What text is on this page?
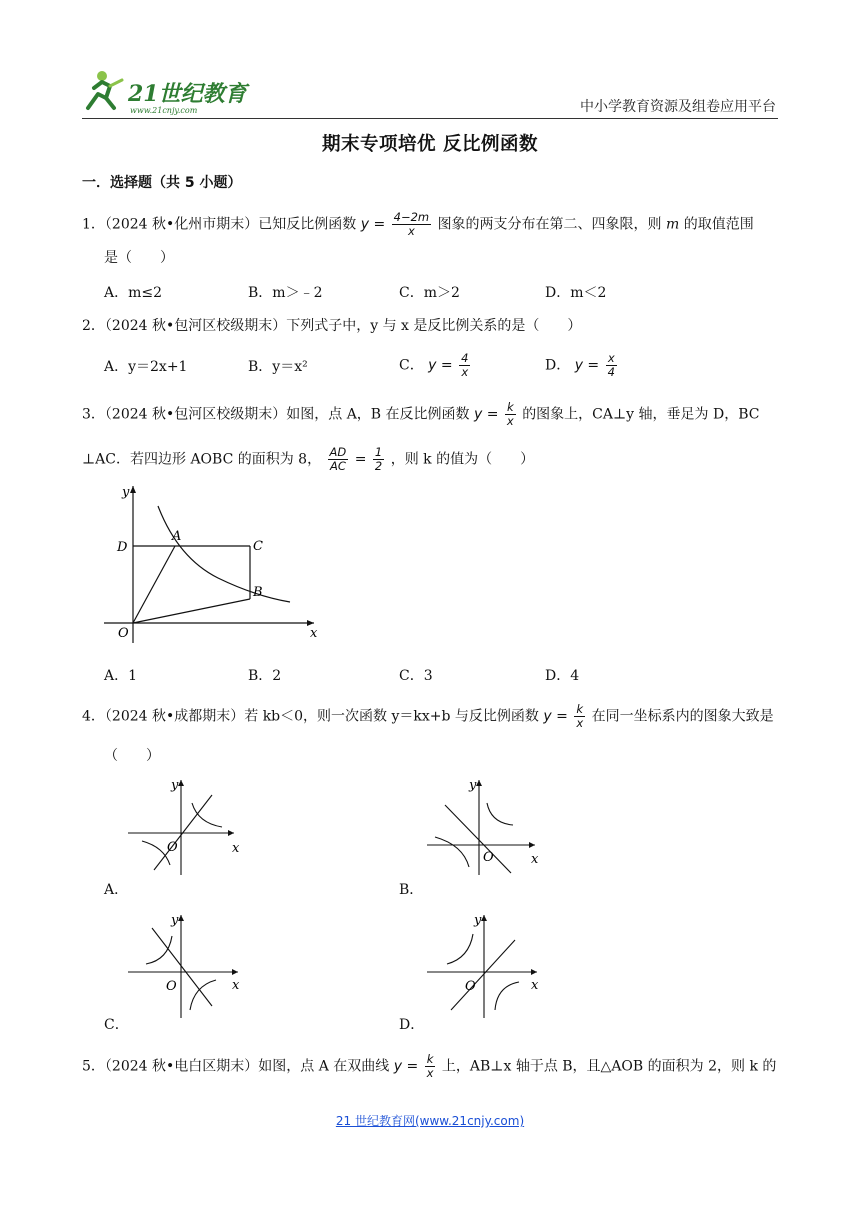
21世纪教育
www.21cnjy.com	中小学教育资源及组卷应用平台
期末专项培优 反比例函数
一．选择题（共 5 小题）
1．（2024 秋•化州市期末）已知反比例函数 $y = \frac{4-2m}{x}$ 图象的两支分布在第二、四象限，则 m 的取值范围
是（　　）
A．m≤2	B．m＞﹣2	C．m＞2	D．m＜2
2．（2024 秋•包河区校级期末）下列式子中，y 与 x 是反比例关系的是（　　）
A．y＝2x+1	B．y＝x²	C． $y = \frac{4}{x}$	D． $y = \frac{x}{4}$
3．（2024 秋•包河区校级期末）如图，点 A，B 在反比例函数 $y = \frac{k}{x}$ 的图象上，CA⊥y 轴，垂足为 D，BC
⊥AC．若四边形 AOBC 的面积为 8， $\frac{AD}{AC} = \frac{1}{2}$ ，则 k 的值为（　　）
y
x
O
A
B
C
D
A．1	B．2	C．3	D．4
4．（2024 秋•成都期末）若 kb＜0，则一次函数 y＝kx+b 与反比例函数 $y = \frac{k}{x}$ 在同一坐标系内的图象大致是
（　　）
y
x
O
A．
y
x
O
B．
y
x
O
C．
y
x
O
D．
5．（2024 秋•电白区期末）如图，点 A 在双曲线 $y = \frac{k}{x}$ 上，AB⊥x 轴于点 B，且△AOB 的面积为 2，则 k 的
21 世纪教育网(www.21cnjy.com)
